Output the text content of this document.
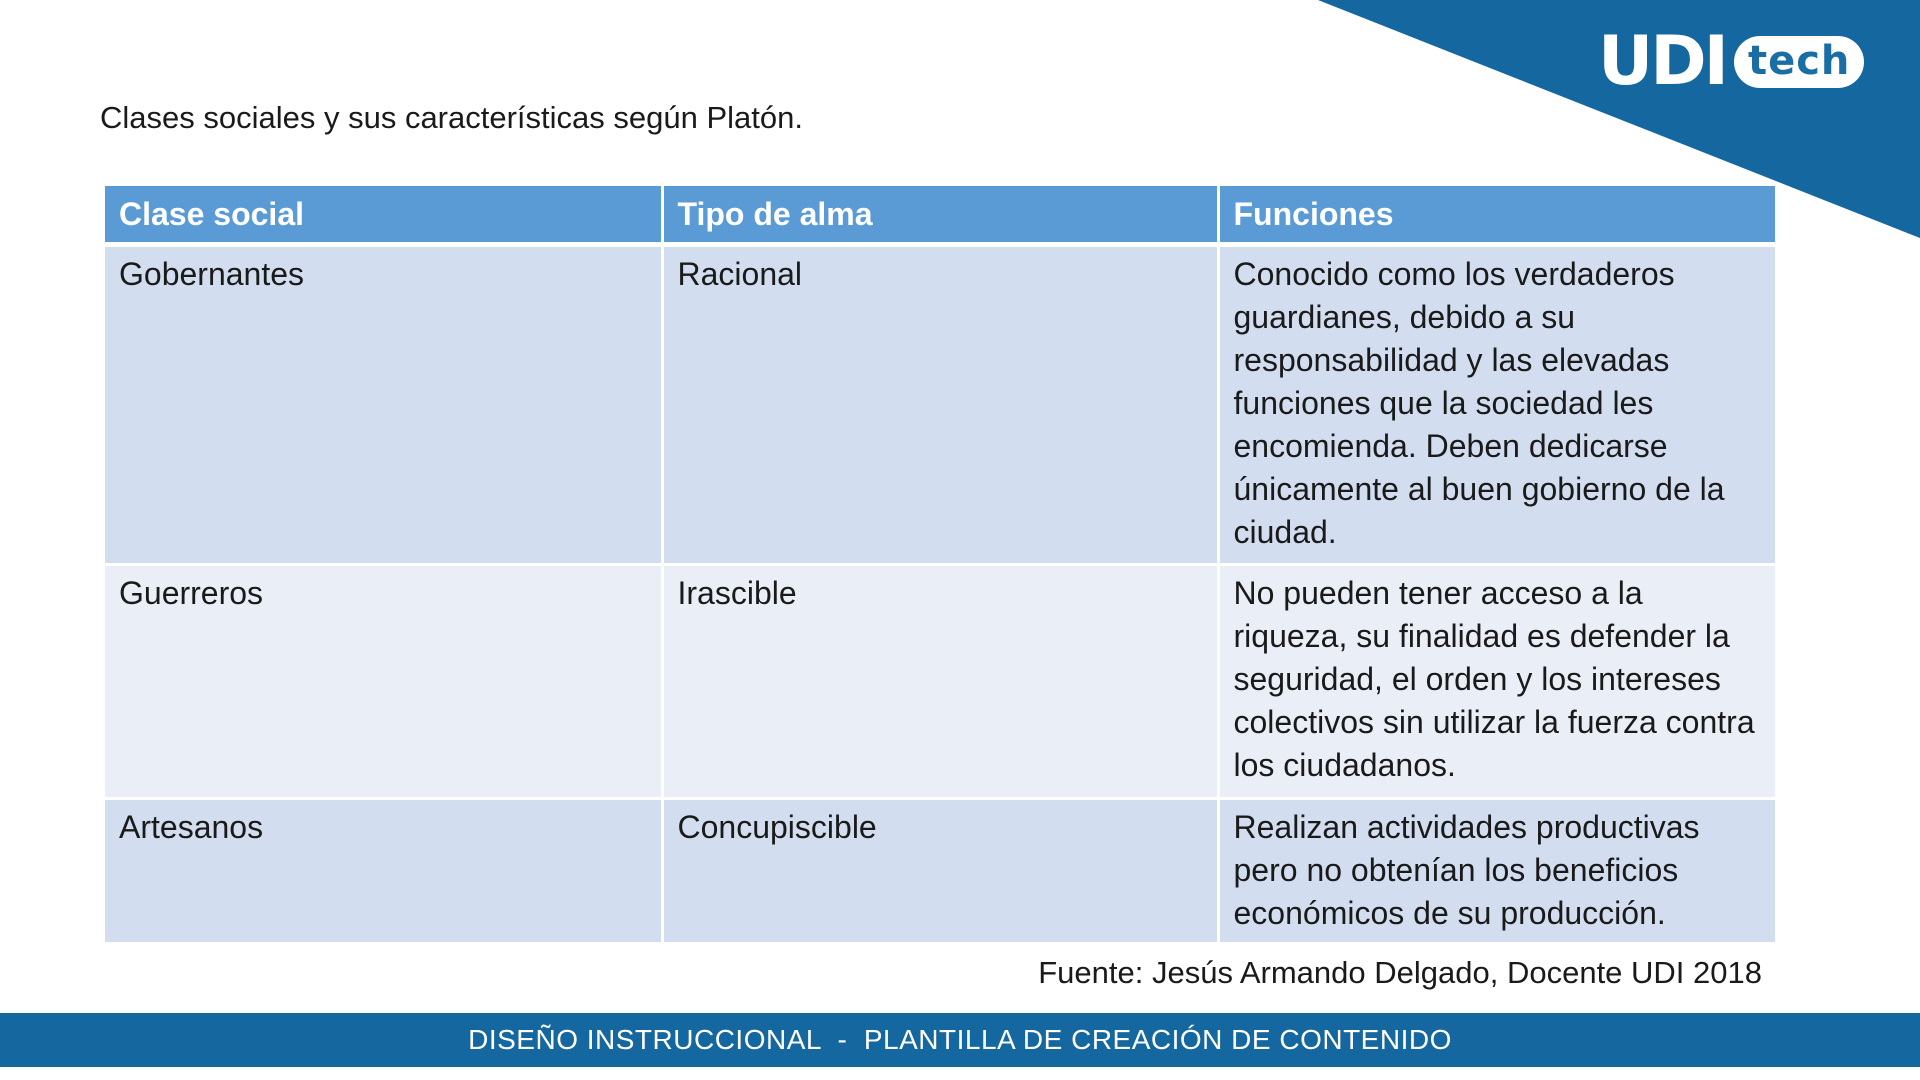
UDI tech
Clases sociales y sus características según Platón.
Clase social	Tipo de alma	Funciones
Gobernantes	Racional	Conocido como los verdaderos guardianes, debido a su responsabilidad y las elevadas funciones que la sociedad les encomienda. Deben dedicarse únicamente al buen gobierno de la ciudad.
Guerreros	Irascible	No pueden tener acceso a la riqueza, su finalidad es defender la seguridad, el orden y los intereses colectivos sin utilizar la fuerza contra los ciudadanos.
Artesanos	Concupiscible	Realizan actividades productivas pero no obtenían los beneficios económicos de su producción.
Fuente: Jesús Armando Delgado, Docente UDI 2018
DISEÑO INSTRUCCIONAL  -  PLANTILLA DE CREACIÓN DE CONTENIDO
